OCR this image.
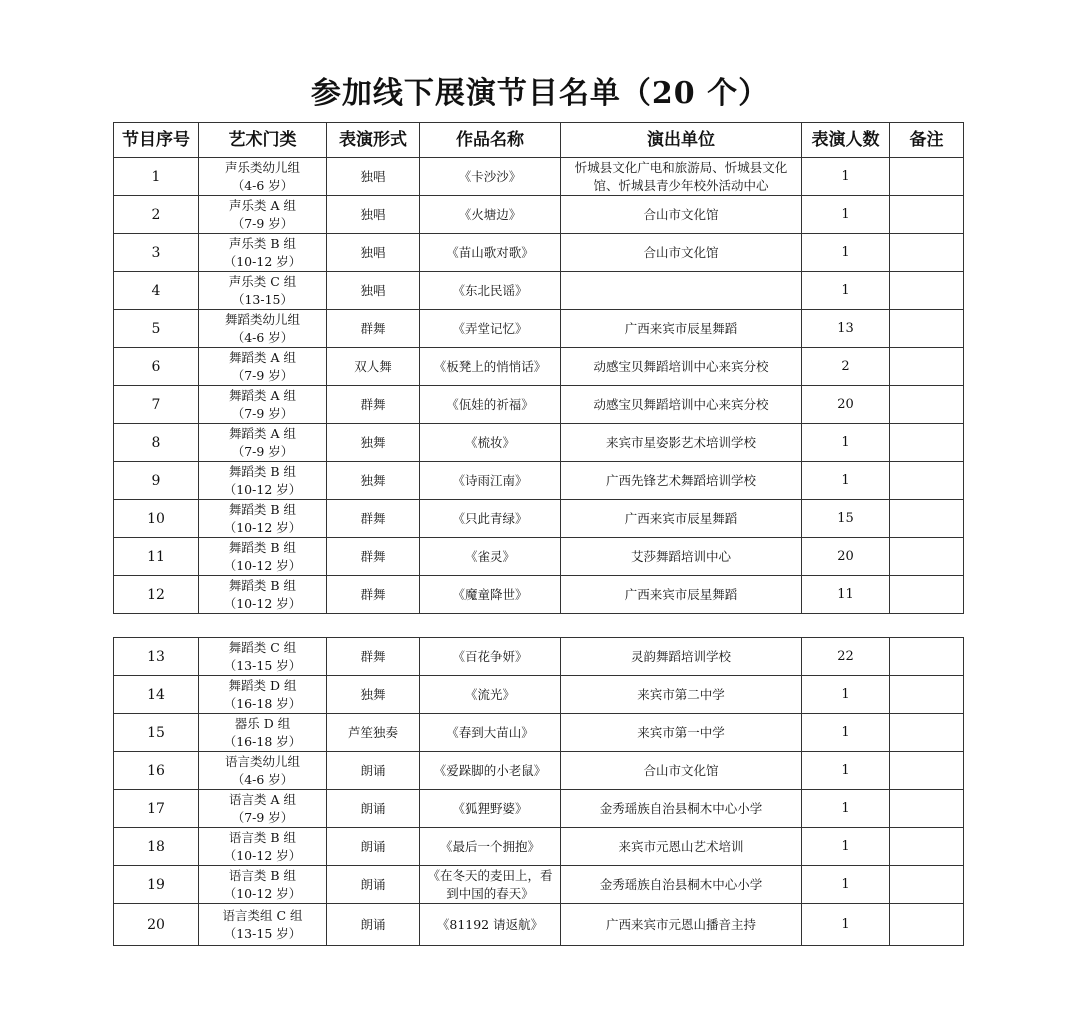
参加线下展演节目名单（20 个）
节目序号	艺术门类	表演形式	作品名称	演出单位	表演人数	备注
1	声乐类幼儿组
（4-6 岁）	独唱	《卡沙沙》	忻城县文化广电和旅游局、忻城县文化
馆、忻城县青少年校外活动中心	1	
2	声乐类 A 组
（7-9 岁）	独唱	《火塘边》	合山市文化馆	1	
3	声乐类 B 组
（10-12 岁）	独唱	《苗山歌对歌》	合山市文化馆	1	
4	声乐类 C 组
（13-15）	独唱	《东北民谣》		1	
5	舞蹈类幼儿组
（4-6 岁）	群舞	《弄堂记忆》	广西来宾市辰星舞蹈	13	
6	舞蹈类 A 组
（7-9 岁）	双人舞	《板凳上的悄悄话》	动感宝贝舞蹈培训中心来宾分校	2	
7	舞蹈类 A 组
（7-9 岁）	群舞	《佤娃的祈福》	动感宝贝舞蹈培训中心来宾分校	20	
8	舞蹈类 A 组
（7-9 岁）	独舞	《梳妆》	来宾市星姿影艺术培训学校	1	
9	舞蹈类 B 组
（10-12 岁）	独舞	《诗雨江南》	广西先锋艺术舞蹈培训学校	1	
10	舞蹈类 B 组
（10-12 岁）	群舞	《只此青绿》	广西来宾市辰星舞蹈	15	
11	舞蹈类 B 组
（10-12 岁）	群舞	《雀灵》	艾莎舞蹈培训中心	20	
12	舞蹈类 B 组
（10-12 岁）	群舞	《魔童降世》	广西来宾市辰星舞蹈	11	
13	舞蹈类 C 组
（13-15 岁）	群舞	《百花争妍》	灵韵舞蹈培训学校	22	
14	舞蹈类 D 组
（16-18 岁）	独舞	《流光》	来宾市第二中学	1	
15	器乐 D 组
（16-18 岁）	芦笙独奏	《春到大苗山》	来宾市第一中学	1	
16	语言类幼儿组
（4-6 岁）	朗诵	《爱跺脚的小老鼠》	合山市文化馆	1	
17	语言类 A 组
（7-9 岁）	朗诵	《狐狸野婆》	金秀瑶族自治县桐木中心小学	1	
18	语言类 B 组
（10-12 岁）	朗诵	《最后一个拥抱》	来宾市元恩山艺术培训	1	
19	语言类 B 组
（10-12 岁）	朗诵	《在冬天的麦田上，看
到中国的春天》	金秀瑶族自治县桐木中心小学	1	
20	语言类组 C 组
（13-15 岁）	朗诵	《81192 请返航》	广西来宾市元恩山播音主持	1	
